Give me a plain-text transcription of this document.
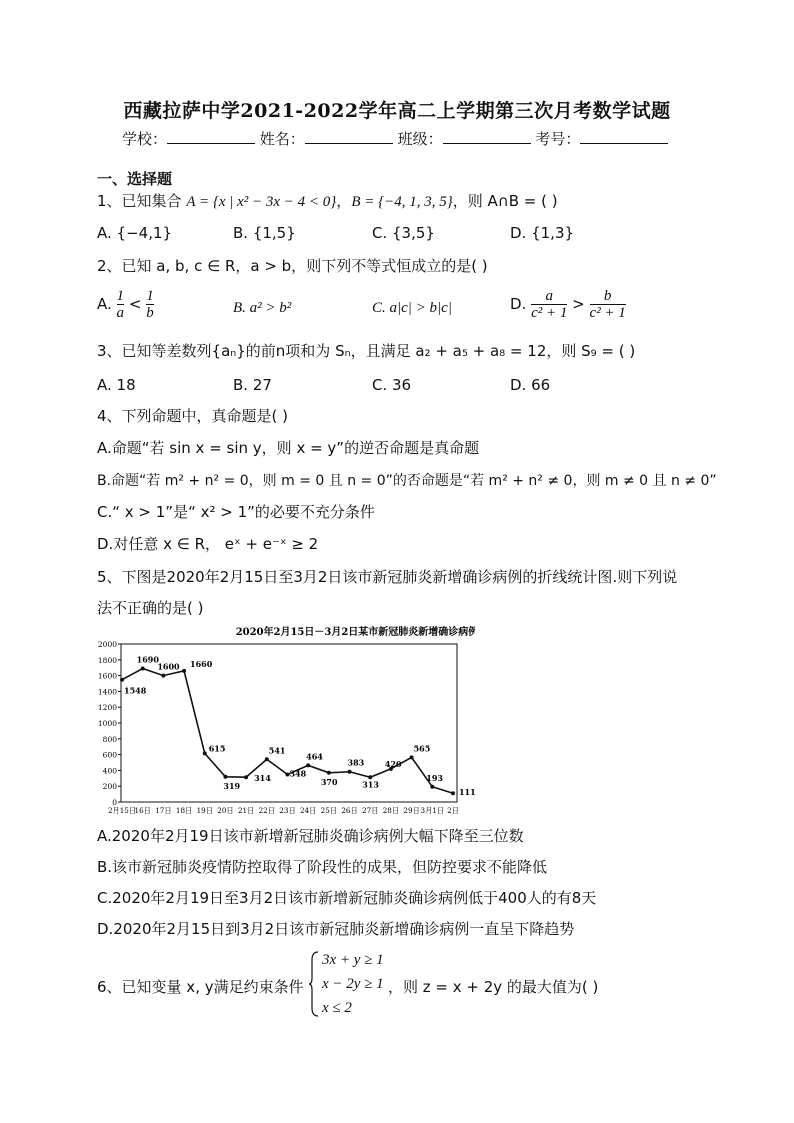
西藏拉萨中学2021-2022学年高二上学期第三次月考数学试题
学校：	姓名：	班级：	考号：
一、选择题
1、已知集合 A = {x | x² − 3x − 4 < 0}，B = {−4, 1, 3, 5}，则 A∩B = ( )
A. {−4,1}	B. {1,5}	C. {3,5}	D. {1,3}
2、已知 a, b, c ∈ R，a > b，则下列不等式恒成立的是( )
A. $\frac{1}{a} < \frac{1}{b}$	B. a² > b²	C. a|c| > b|c|	D. $\frac{a}{\text{c² + 1}} > \frac{b}{\text{c² + 1}}$
3、已知等差数列{aₙ}的前n项和为 Sₙ，且满足 a₂ + a₅ + a₈ = 12，则 S₉ = ( )
A. 18	B. 27	C. 36	D. 66
4、下列命题中，真命题是( )
A.命题“若 sin x = sin y，则 x = y”的逆否命题是真命题
B.命题“若 m² + n² = 0，则 m = 0 且 n = 0”的否命题是“若 m² + n² ≠ 0，则 m ≠ 0 且 n ≠ 0”
C.“ x > 1”是“ x² > 1”的必要不充分条件
D.对任意 x ∈ R， eˣ + e⁻ˣ ≥ 2
5、下图是2020年2月15日至3月2日该市新冠肺炎新增确诊病例的折线统计图.则下列说
法不正确的是( )
2020年2月15日－3月2日某市新冠肺炎新增确诊病例
0
200
400
600
800
1000
1200
1400
1600
1800
2000
2月15日
16日 17日 18日 19日 20日 21日 22日 23日 24日 25日 26日 27日 28日 29日 3月1日 2日
1548
1690
1600 1660
615
319
314
541
348
464
370
383
313
420
565
193
111
A.2020年2月19日该市新增新冠肺炎确诊病例大幅下降至三位数
B.该市新冠肺炎疫情防控取得了阶段性的成果，但防控要求不能降低
C.2020年2月19日至3月2日该市新增新冠肺炎确诊病例低于400人的有8天
D.2020年2月15日到3月2日该市新冠肺炎新增确诊病例一直呈下降趋势
6、已知变量 x, y满足约束条件
3x + y ≥ 1
x − 2y ≥ 1
x ≤ 2
，则 z = x + 2y 的最大值为( )
